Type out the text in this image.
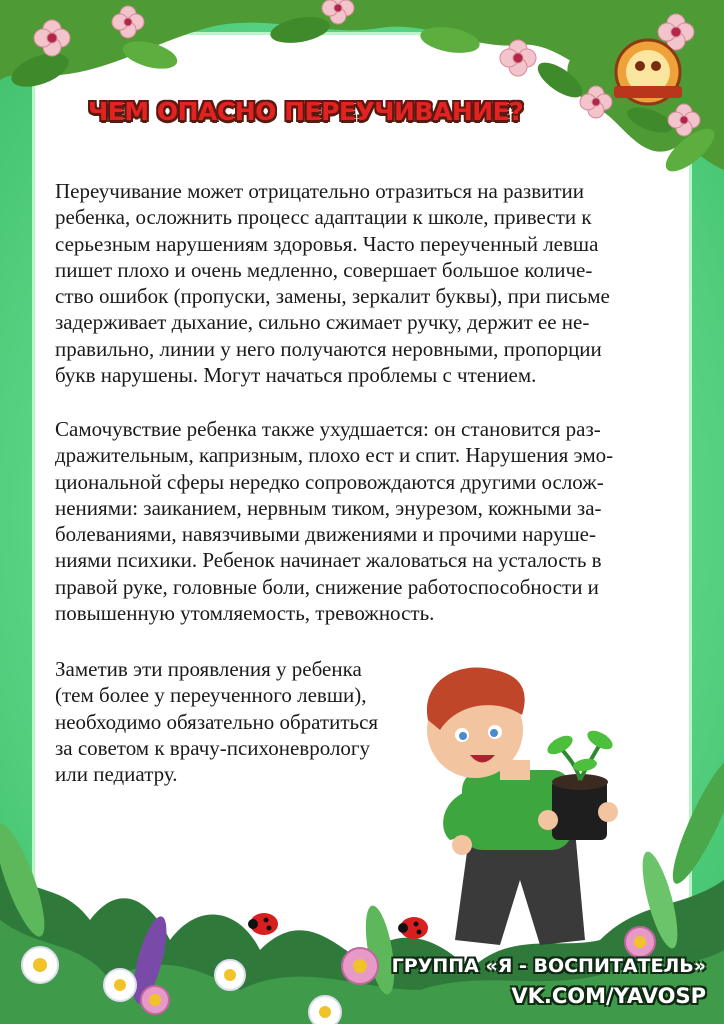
ЧЕМ ОПАСНО ПЕРЕУЧИВАНИЕ?

Переучивание может отрицательно отразиться на развитии
ребенка, осложнить процесс адаптации к школе, привести к
серьезным нарушениям здоровья. Часто переученный левша
пишет плохо и очень медленно, совершает большое количе-
ство ошибок (пропуски, замены, зеркалит буквы), при письме
задерживает дыхание, сильно сжимает ручку, держит ее не-
правильно, линии у него получаются неровными, пропорции
букв нарушены. Могут начаться проблемы с чтением.

Самочувствие ребенка также ухудшается: он становится раз-
дражительным, капризным, плохо ест и спит. Нарушения эмо-
циональной сферы нередко сопровождаются другими ослож-
нениями: заиканием, нервным тиком, энурезом, кожными за-
болеваниями, навязчивыми движениями и прочими наруше-
ниями психики. Ребенок начинает жаловаться на усталость в
правой руке, головные боли, снижение работоспособности и
повышенную утомляемость, тревожность.

Заметив эти проявления у ребенка
(тем более у переученного левши),
необходимо обязательно обратиться
за советом к врачу-психоневрологу
или педиатру.

ГРУППА «Я - ВОСПИТАТЕЛЬ»
VK.COM/YAVOSP
